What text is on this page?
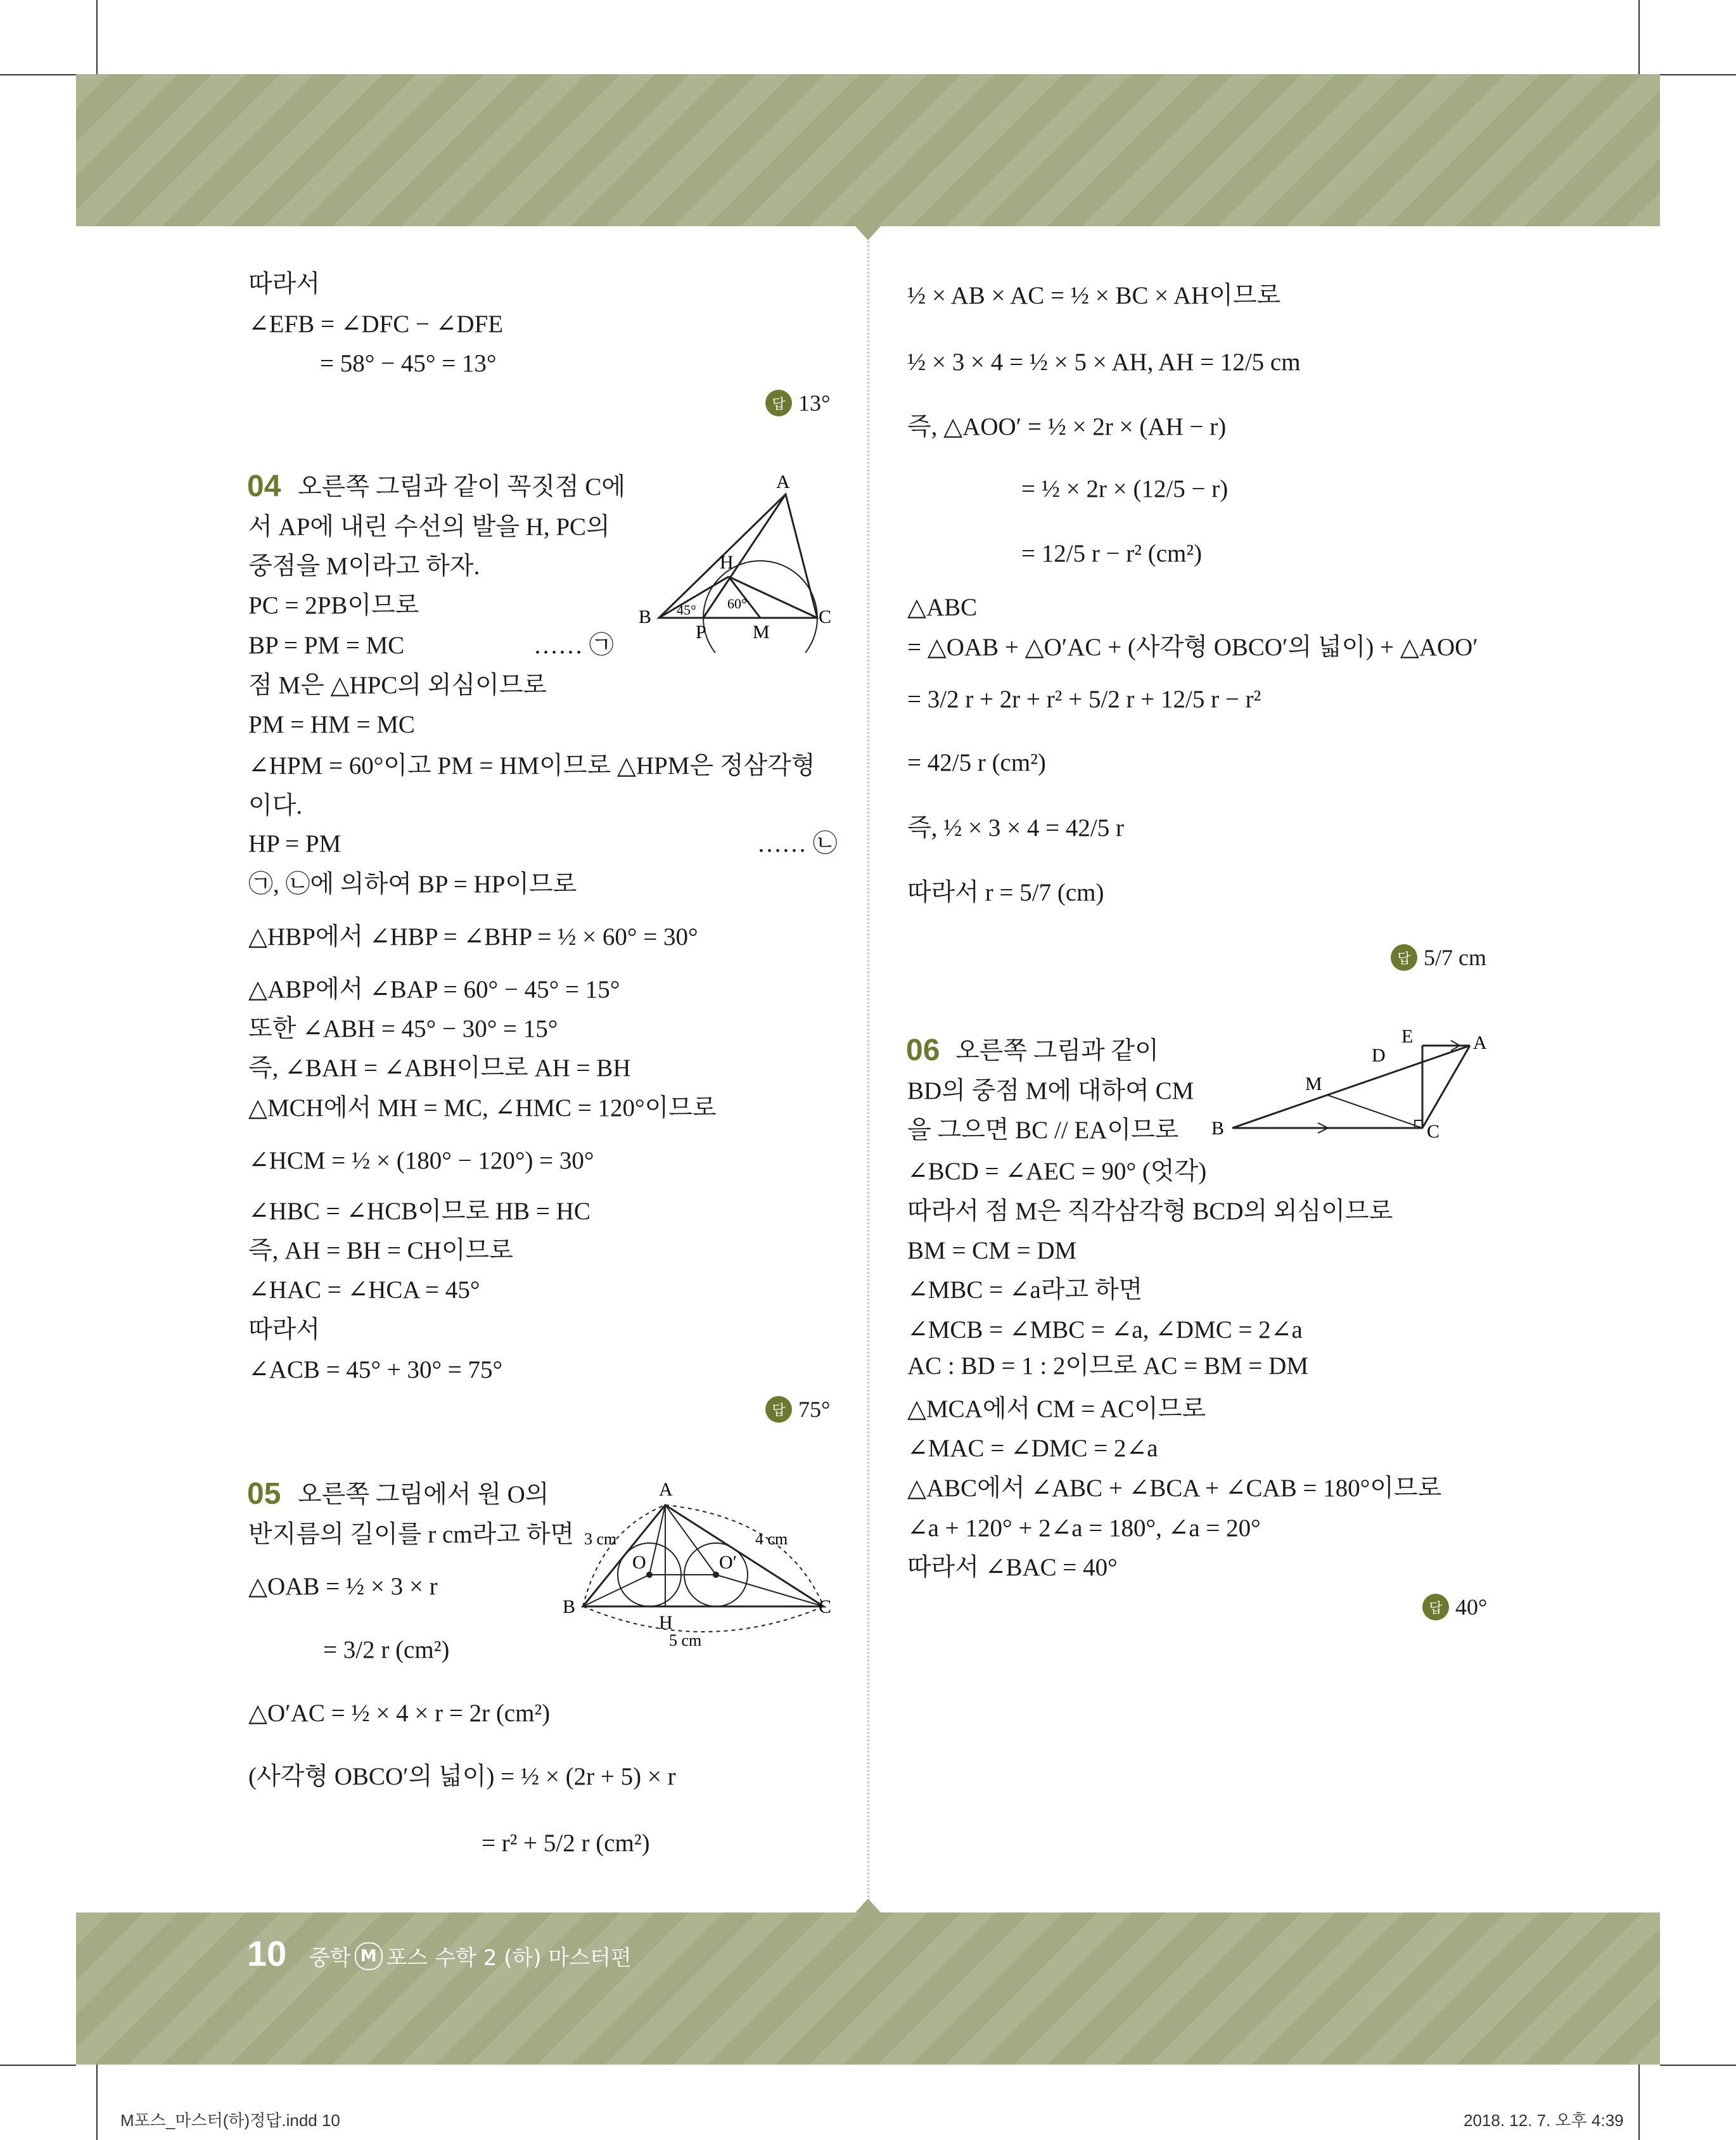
따라서
∠EFB = ∠DFC − ∠DFE
= 58° − 45° = 13°
답 13°
04 오른쪽 그림과 같이 꼭짓점 C에
서 AP에 내린 수선의 발을 H, PC의
중점을 M이라고 하자.
PC = 2PB이므로
BP = PM = MC	…… ㉠
점 M은 △HPC의 외심이므로
PM = HM = MC
∠HPM = 60°이고 PM = HM이므로 △HPM은 정삼각형
이다.
HP = PM	…… ㉡
㉠, ㉡에 의하여 BP = HP이므로
△HBP에서 ∠HBP = ∠BHP = ½ × 60° = 30°
△ABP에서 ∠BAP = 60° − 45° = 15°
또한 ∠ABH = 45° − 30° = 15°
즉, ∠BAH = ∠ABH이므로 AH = BH
△MCH에서 MH = MC, ∠HMC = 120°이므로
∠HCM = ½ × (180° − 120°) = 30°
∠HBC = ∠HCB이므로 HB = HC
즉, AH = BH = CH이므로
∠HAC = ∠HCA = 45°
따라서
∠ACB = 45° + 30° = 75°
답 75°
A
H
B	C
P M
45° 60°
05 오른쪽 그림에서 원 O의
반지름의 길이를 r cm라고 하면
△OAB = ½ × 3 × r
= 3/2 r (cm²)
△O′AC = ½ × 4 × r = 2r (cm²)
(사각형 OBCO′의 넓이) = ½ × (2r + 5) × r
= r² + 5/2 r (cm²)
A
B	C
H
O	O′
3 cm	4 cm
5 cm
½ × AB × AC = ½ × BC × AH이므로
½ × 3 × 4 = ½ × 5 × AH, AH = 12/5 cm
즉, △AOO′ = ½ × 2r × (AH − r)
= ½ × 2r × (12/5 − r)
= 12/5 r − r² (cm²)
△ABC
= △OAB + △O′AC + (사각형 OBCO′의 넓이) + △AOO′
= 3/2 r + 2r + r² + 5/2 r + 12/5 r − r²
= 42/5 r (cm²)
즉, ½ × 3 × 4 = 42/5 r
따라서 r = 5/7 (cm)
답 5/7 cm
06 오른쪽 그림과 같이
BD의 중점 M에 대하여 CM
을 그으면 BC // EA이므로
∠BCD = ∠AEC = 90° (엇각)
따라서 점 M은 직각삼각형 BCD의 외심이므로
BM = CM = DM
∠MBC = ∠a라고 하면
∠MCB = ∠MBC = ∠a, ∠DMC = 2∠a
AC : BD = 1 : 2이므로 AC = BM = DM
△MCA에서 CM = AC이므로
∠MAC = ∠DMC = 2∠a
△ABC에서 ∠ABC + ∠BCA + ∠CAB = 180°이므로
∠a + 120° + 2∠a = 180°, ∠a = 20°
따라서 ∠BAC = 40°
답 40°
A
E
D
M
B	C
10 중학 M 포스 수학 2 (하) 마스터편
M포스_마스터(하)정답.indd 10	2018. 12. 7. 오후 4:39
